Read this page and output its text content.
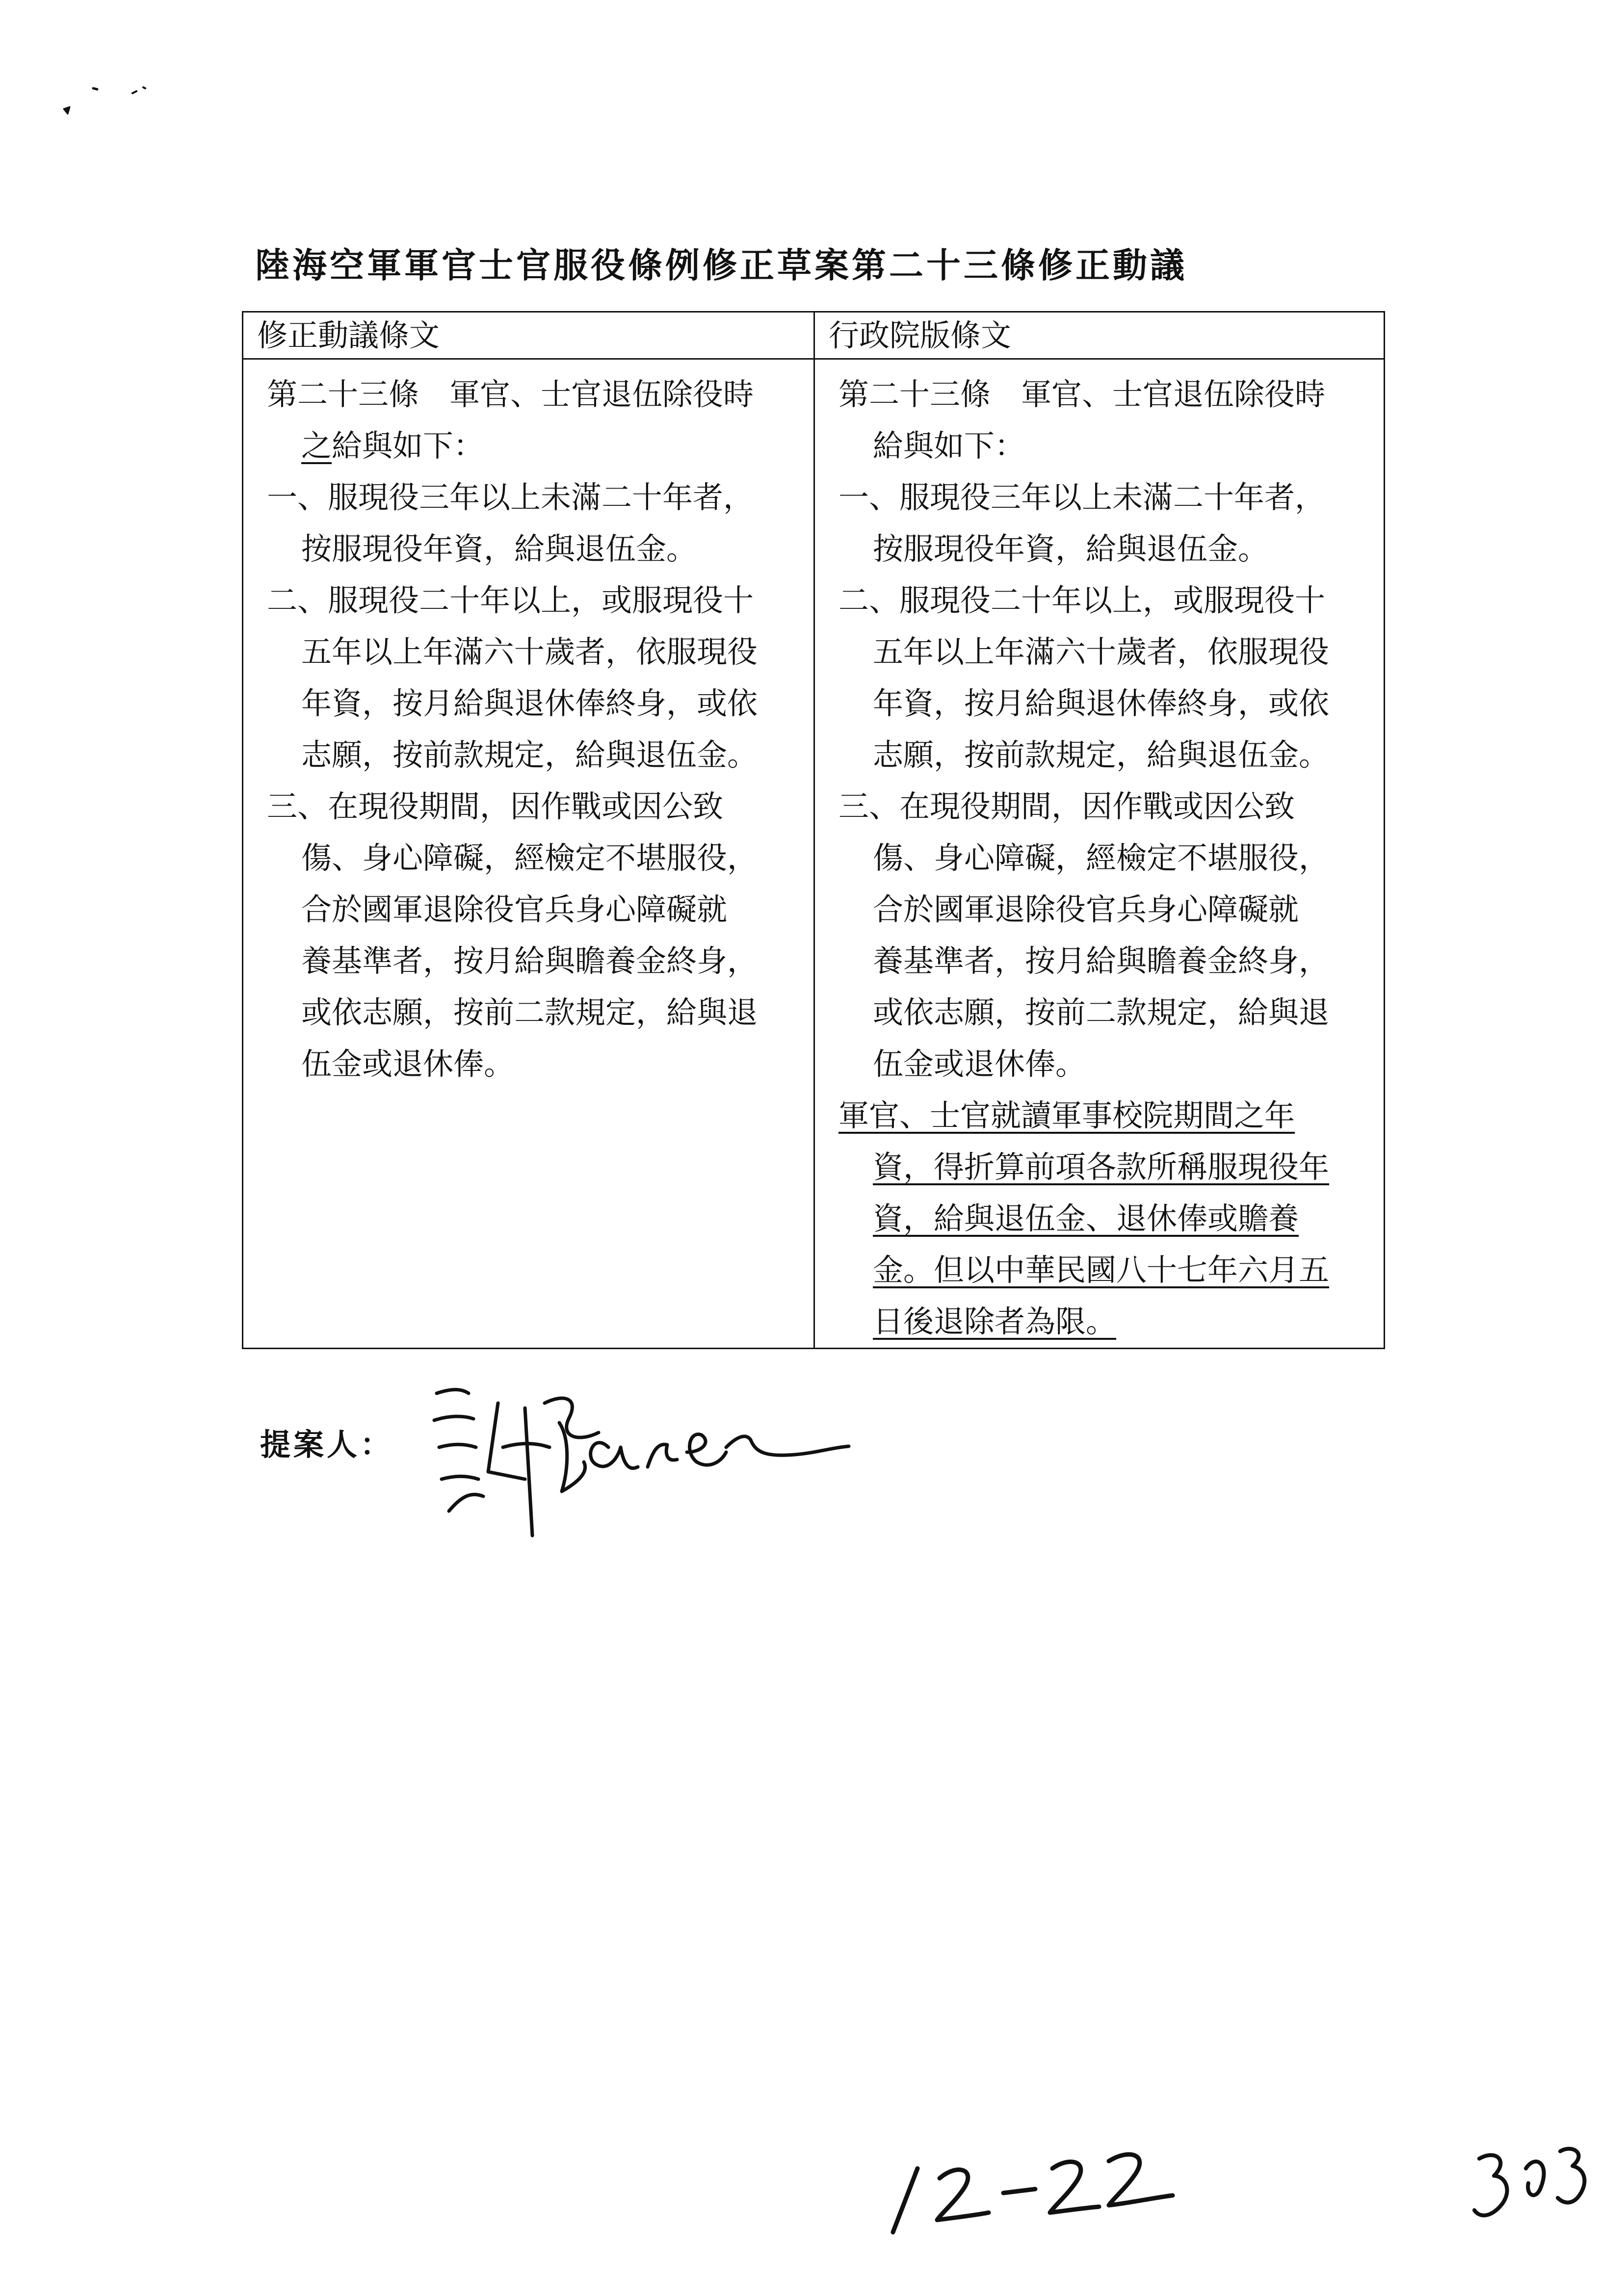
陸海空軍軍官士官服役條例修正草案第二十三條修正動議
修正動議條文

第二十三條　軍官、士官退伍除役時

之給與如下：

一、服現役三年以上未滿二十年者，

按服現役年資，給與退伍金。

二、服現役二十年以上，或服現役十

五年以上年滿六十歲者，依服現役

年資，按月給與退休俸終身，或依

志願，按前款規定，給與退伍金。

三、在現役期間，因作戰或因公致

傷、身心障礙，經檢定不堪服役，

合於國軍退除役官兵身心障礙就

養基準者，按月給與瞻養金終身，

或依志願，按前二款規定，給與退

伍金或退休俸。

行政院版條文

第二十三條　軍官、士官退伍除役時

給與如下：

一、服現役三年以上未滿二十年者，

按服現役年資，給與退伍金。

二、服現役二十年以上，或服現役十

五年以上年滿六十歲者，依服現役

年資，按月給與退休俸終身，或依

志願，按前款規定，給與退伍金。

三、在現役期間，因作戰或因公致

傷、身心障礙，經檢定不堪服役，

合於國軍退除役官兵身心障礙就

養基準者，按月給與瞻養金終身，

或依志願，按前二款規定，給與退

伍金或退休俸。

軍官、士官就讀軍事校院期間之年

資，得折算前項各款所稱服現役年

資，給與退伍金、退休俸或贍養

金。但以中華民國八十七年六月五

日後退除者為限。

提案人：
